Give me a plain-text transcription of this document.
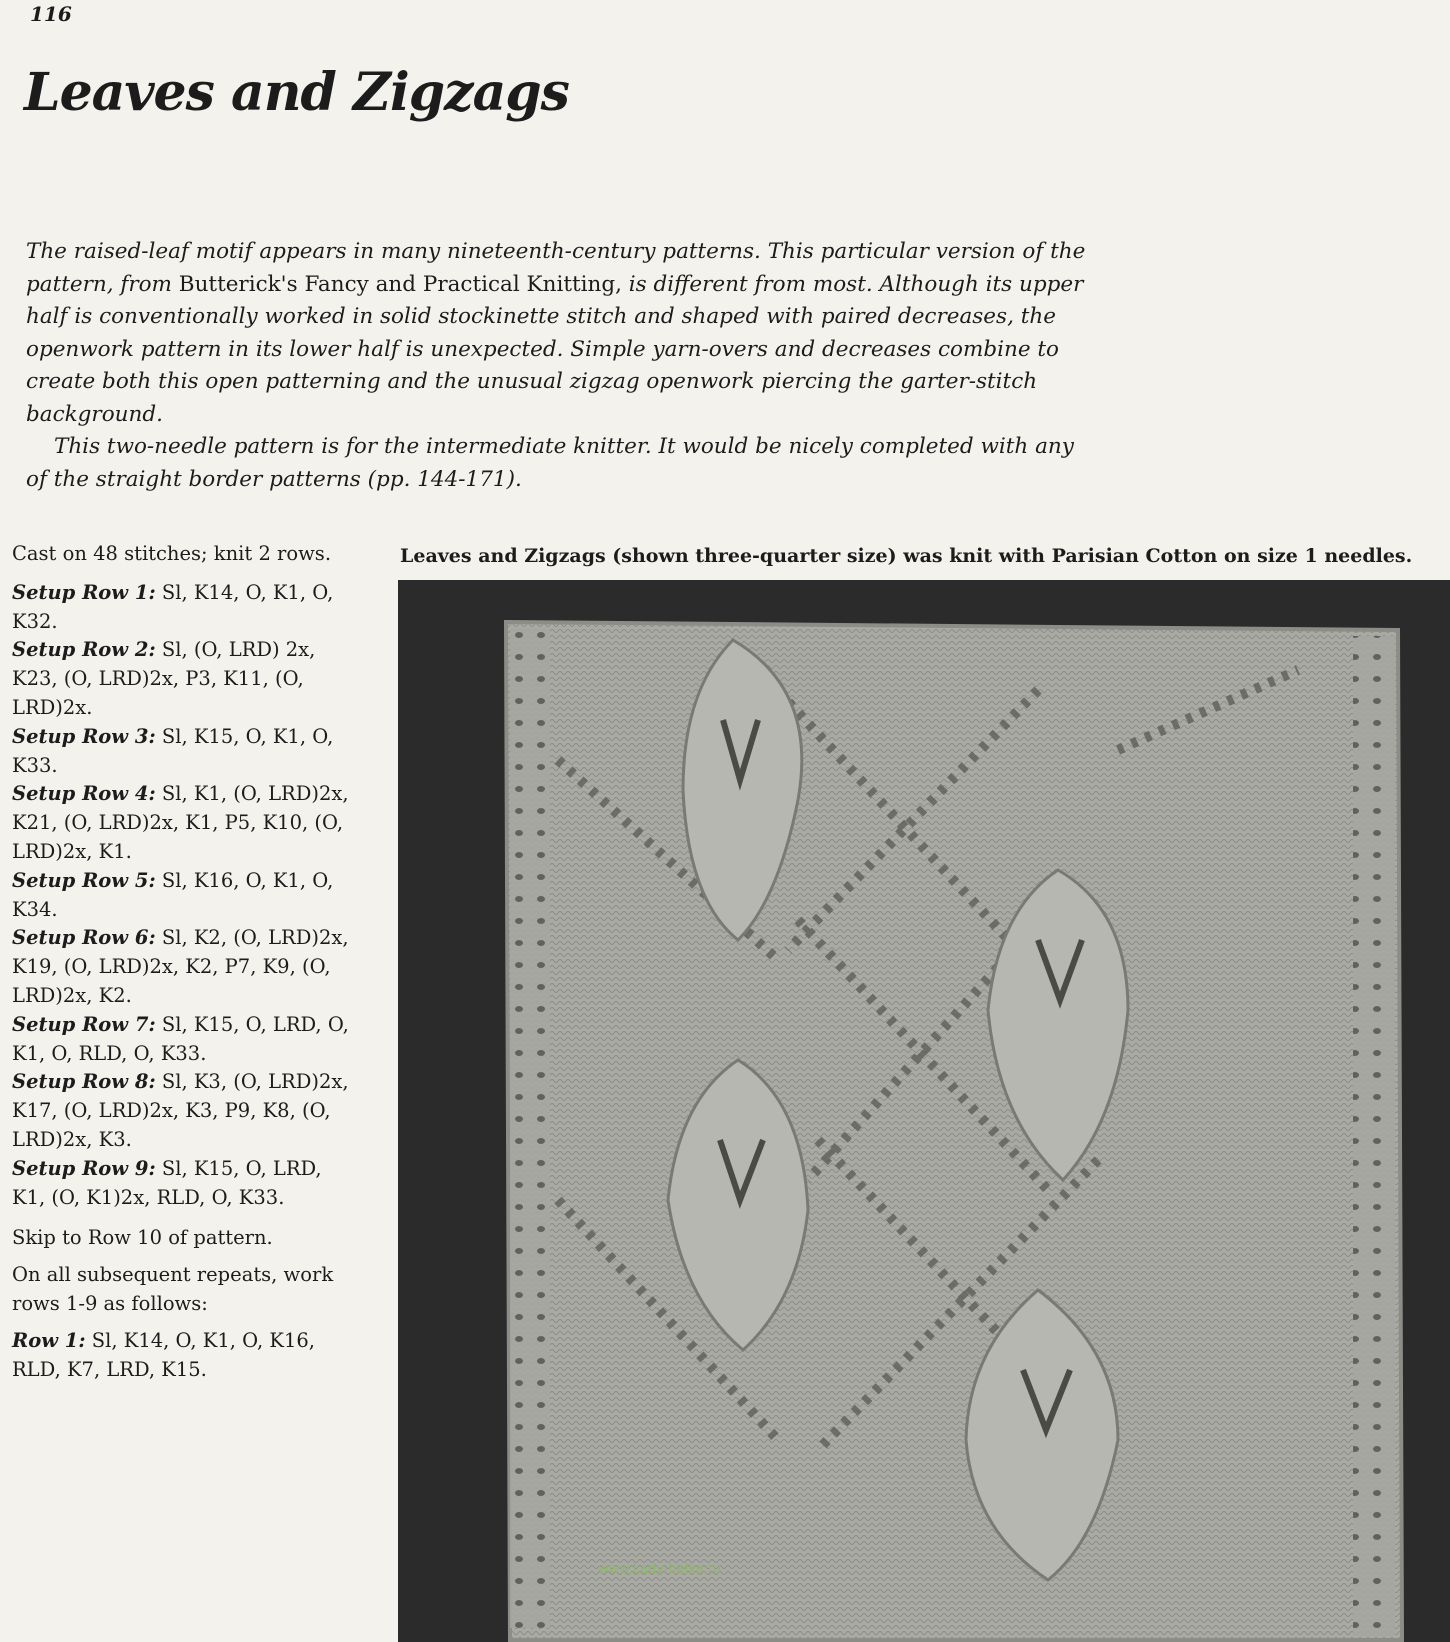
116
Leaves and Zigzags

The raised-leaf motif appears in many nineteenth-century patterns. This particular version of the pattern, from Butterick's Fancy and Practical Knitting, is different from most. Although its upper half is conventionally worked in solid stockinette stitch and shaped with paired decreases, the openwork pattern in its lower half is unexpected. Simple yarn-overs and decreases combine to create both this open patterning and the unusual zigzag openwork piercing the garter-stitch background.

This two-needle pattern is for the intermediate knitter. It would be nicely completed with any of the straight border patterns (pp. 144-171).

Cast on 48 stitches; knit 2 rows.

Setup Row 1: Sl, K14, O, K1, O, K32.

Setup Row 2: Sl, (O, LRD) 2x, K23, (O, LRD)2x, P3, K11, (O, LRD)2x.

Setup Row 3: Sl, K15, O, K1, O, K33.

Setup Row 4: Sl, K1, (O, LRD)2x, K21, (O, LRD)2x, K1, P5, K10, (O, LRD)2x, K1.

Setup Row 5: Sl, K16, O, K1, O, K34.

Setup Row 6: Sl, K2, (O, LRD)2x, K19, (O, LRD)2x, K2, P7, K9, (O, LRD)2x, K2.

Setup Row 7: Sl, K15, O, LRD, O, K1, O, RLD, O, K33.

Setup Row 8: Sl, K3, (O, LRD)2x, K17, (O, LRD)2x, K3, P9, K8, (O, LRD)2x, K3.

Setup Row 9: Sl, K15, O, LRD, K1, (O, K1)2x, RLD, O, K33.

Skip to Row 10 of pattern.

On all subsequent repeats, work rows 1-9 as follows:

Row 1: Sl, K14, O, K1, O, K16, RLD, K7, LRD, K15.

Leaves and Zigzags (shown three-quarter size) was knit with Parisian Cotton on size 1 needles.
www.Lady-belka.ru
